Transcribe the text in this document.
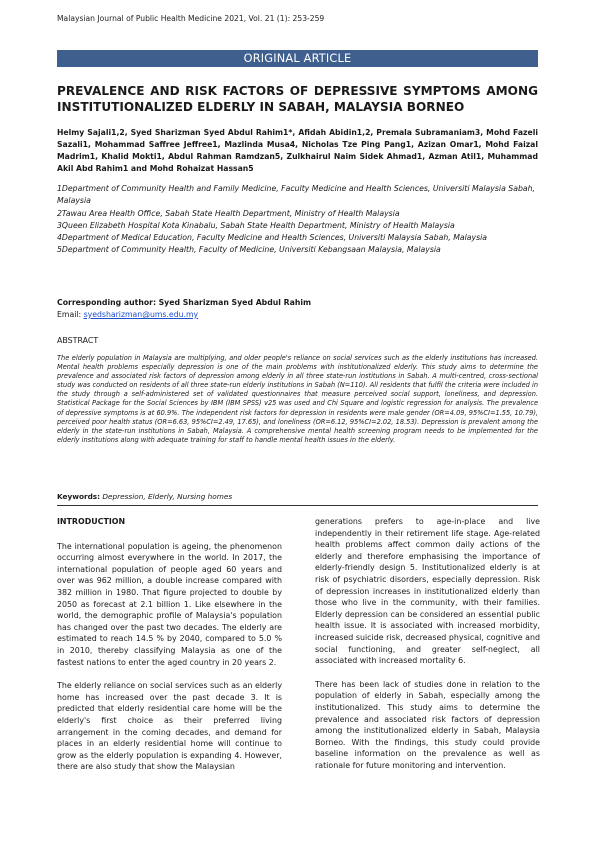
Malaysian Journal of Public Health Medicine 2021, Vol. 21 (1): 253-259
ORIGINAL ARTICLE
PREVALENCE AND RISK FACTORS OF DEPRESSIVE SYMPTOMS AMONG INSTITUTIONALIZED ELDERLY IN SABAH, MALAYSIA BORNEO
Helmy Sajali1,2, Syed Sharizman Syed Abdul Rahim1*, Afidah Abidin1,2, Premala Subramaniam3, Mohd Fazeli Sazali1, Mohammad Saffree Jeffree1, Mazlinda Musa4, Nicholas Tze Ping Pang1, Azizan Omar1, Mohd Faizal Madrim1, Khalid Mokti1, Abdul Rahman Ramdzan5, Zulkhairul Naim Sidek Ahmad1, Azman Atil1, Muhammad Akil Abd Rahim1 and Mohd Rohaizat Hassan5
1Department of Community Health and Family Medicine, Faculty Medicine and Health Sciences, Universiti Malaysia Sabah, Malaysia
2Tawau Area Health Office, Sabah State Health Department, Ministry of Health Malaysia
3Queen Elizabeth Hospital Kota Kinabalu, Sabah State Health Department, Ministry of Health Malaysia
4Department of Medical Education, Faculty Medicine and Health Sciences, Universiti Malaysia Sabah, Malaysia
5Department of Community Health, Faculty of Medicine, Universiti Kebangsaan Malaysia, Malaysia
Corresponding author: Syed Sharizman Syed Abdul Rahim
Email: syedsharizman@ums.edu.my
ABSTRACT
The elderly population in Malaysia are multiplying, and older people's reliance on social services such as the elderly institutions has increased. Mental health problems especially depression is one of the main problems with institutionalized elderly. This study aims to determine the prevalence and associated risk factors of depression among elderly in all three state-run institutions in Sabah. A multi-centred, cross-sectional study was conducted on residents of all three state-run elderly institutions in Sabah (N=110). All residents that fulfil the criteria were included in the study through a self-administered set of validated questionnaires that measure perceived social support, loneliness, and depression. Statistical Package for the Social Sciences by IBM (IBM SPSS) v25 was used and Chi Square and logistic regression for analysis. The prevalence of depressive symptoms is at 60.9%. The independent risk factors for depression in residents were male gender (OR=4.09, 95%CI=1.55, 10.79), perceived poor health status (OR=6.63, 95%CI=2.49, 17.65), and loneliness (OR=6.12, 95%CI=2.02, 18.53). Depression is prevalent among the elderly in the state-run institutions in Sabah, Malaysia. A comprehensive mental health screening program needs to be implemented for the elderly institutions along with adequate training for staff to handle mental health issues in the elderly.
Keywords: Depression, Elderly, Nursing homes
INTRODUCTION

The international population is ageing, the phenomenon occurring almost everywhere in the world. In 2017, the international population of people aged 60 years and over was 962 million, a double increase compared with 382 million in 1980. That figure projected to double by 2050 as forecast at 2.1 billion 1. Like elsewhere in the world, the demographic profile of Malaysia's population has changed over the past two decades. The elderly are estimated to reach 14.5 % by 2040, compared to 5.0 % in 2010, thereby classifying Malaysia as one of the fastest nations to enter the aged country in 20 years 2.

The elderly reliance on social services such as an elderly home has increased over the past decade 3. It is predicted that elderly residential care home will be the elderly's first choice as their preferred living arrangement in the coming decades, and demand for places in an elderly residential home will continue to grow as the elderly population is expanding 4. However, there are also study that show the Malaysian

generations prefers to age-in-place and live independently in their retirement life stage. Age-related health problems affect common daily actions of the elderly and therefore emphasising the importance of elderly-friendly design 5. Institutionalized elderly is at risk of psychiatric disorders, especially depression. Risk of depression increases in institutionalized elderly than those who live in the community, with their families. Elderly depression can be considered an essential public health issue. It is associated with increased morbidity, increased suicide risk, decreased physical, cognitive and social functioning, and greater self-neglect, all associated with increased mortality 6.

There has been lack of studies done in relation to the population of elderly in Sabah, especially among the institutionalized. This study aims to determine the prevalence and associated risk factors of depression among the institutionalized elderly in Sabah, Malaysia Borneo. With the findings, this study could provide baseline information on the prevalence as well as rationale for future monitoring and intervention.
